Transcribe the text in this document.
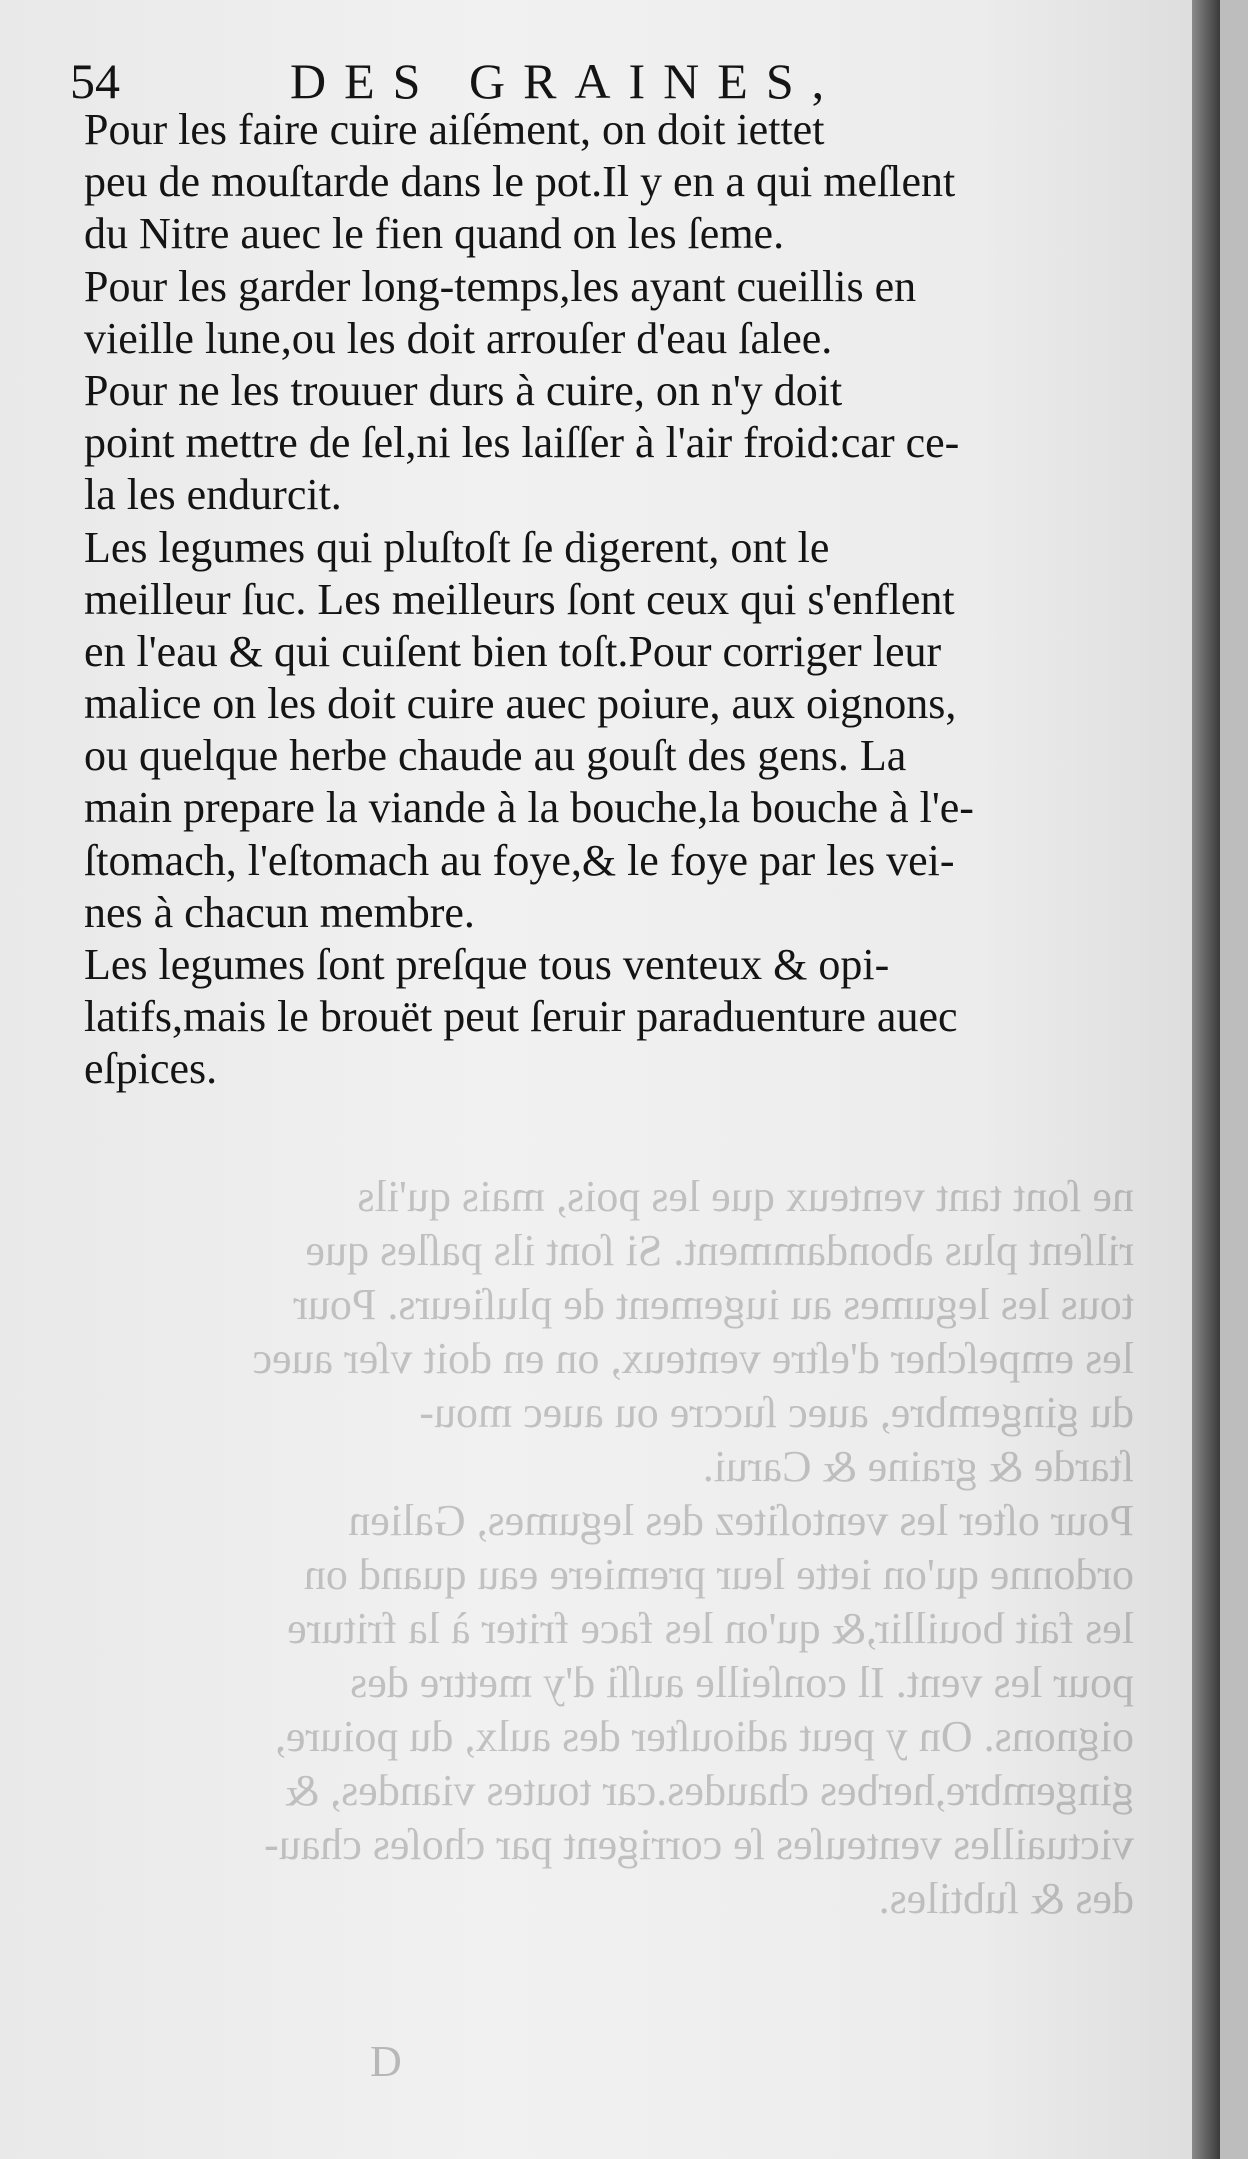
54	DES GRAINES,
ne ſont tant venteux que les pois, mais qu'ils
rilſent plus abondamment. Si ſont ils paſles que
tous les legumes au iugement de pluſieurs. Pour
les empeſcher d'eſtre venteux, on en doit vſer auec
du gingembre, auec ſuccre ou auec mou-
ſtarde & graine & Carui.
Pour oſter les ventoſitez des legumes, Galien
ordonne qu'on iette leur premiere eau quand on
les fait bouillir,& qu'on les face friter à la friture
pour les vent. Il conſeille auſſi d'y mettre des
oignons. On y peut adiouſter des aulx, du poiure,
gingembre,herbes chaudes.car toutes viandes, &
victuailles venteuſes ſe corrigent par choſes chau-
des & ſubtiles.
Pour les faire cuire aiſément, on doit iettet
peu de mouſtarde dans le pot.Il y en a qui meſlent
du Nitre auec le fien quand on les ſeme.
Pour les garder long-temps,les ayant cueillis en
vieille lune,ou les doit arrouſer d'eau ſalee.
Pour ne les trouuer durs à cuire, on n'y doit
point mettre de ſel,ni les laiſſer à l'air froid:car ce-
la les endurcit.
Les legumes qui pluſtoſt ſe digerent, ont le
meilleur ſuc. Les meilleurs ſont ceux qui s'enflent
en l'eau & qui cuiſent bien toſt.Pour corriger leur
malice on les doit cuire auec poiure, aux oignons,
ou quelque herbe chaude au gouſt des gens. La
main prepare la viande à la bouche,la bouche à l'e-
ſtomach, l'eſtomach au foye,& le foye par les vei-
nes à chacun membre.
Les legumes ſont preſque tous venteux & opi-
latifs,mais le brouët peut ſeruir paraduenture auec
eſpices.
D
